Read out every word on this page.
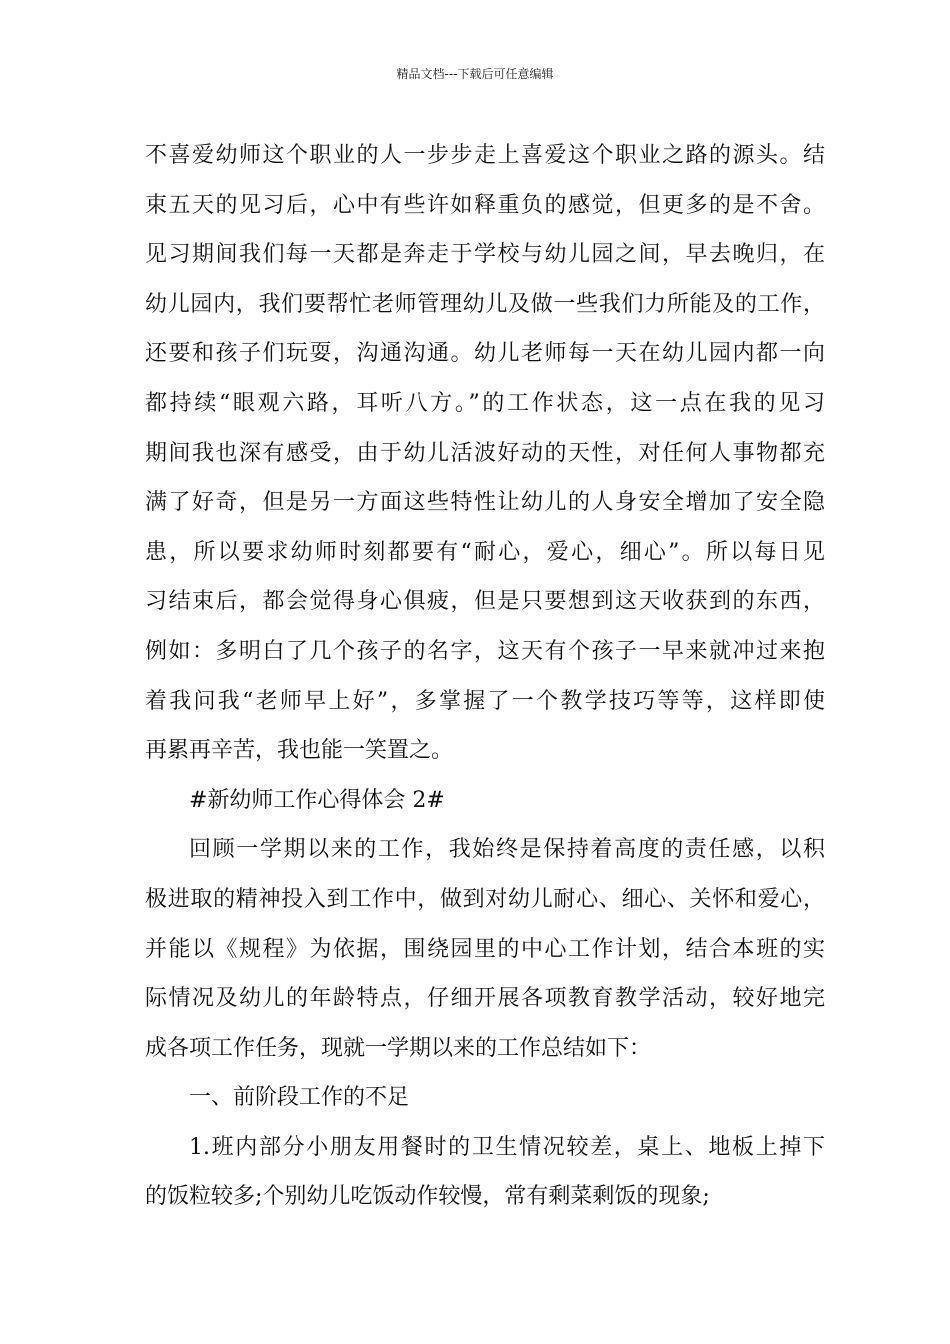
精品文档---下载后可任意编辑
不喜爱幼师这个职业的人一步步走上喜爱这个职业之路的源头。结
束五天的见习后，心中有些许如释重负的感觉，但更多的是不舍。
见习期间我们每一天都是奔走于学校与幼儿园之间，早去晚归，在
幼儿园内，我们要帮忙老师管理幼儿及做一些我们力所能及的工作，
还要和孩子们玩耍，沟通沟通。幼儿老师每一天在幼儿园内都一向
都持续“眼观六路，耳听八方。”的工作状态，这一点在我的见习
期间我也深有感受，由于幼儿活波好动的天性，对任何人事物都充
满了好奇，但是另一方面这些特性让幼儿的人身安全增加了安全隐
患，所以要求幼师时刻都要有“耐心，爱心，细心”。所以每日见
习结束后，都会觉得身心俱疲，但是只要想到这天收获到的东西，
例如：多明白了几个孩子的名字，这天有个孩子一早来就冲过来抱
着我问我“老师早上好”，多掌握了一个教学技巧等等，这样即使
再累再辛苦，我也能一笑置之。
#新幼师工作心得体会 2#
回顾一学期以来的工作，我始终是保持着高度的责任感，以积
极进取的精神投入到工作中，做到对幼儿耐心、细心、关怀和爱心，
并能以《规程》为依据，围绕园里的中心工作计划，结合本班的实
际情况及幼儿的年龄特点，仔细开展各项教育教学活动，较好地完
成各项工作任务，现就一学期以来的工作总结如下：
一、前阶段工作的不足
1.班内部分小朋友用餐时的卫生情况较差，桌上、地板上掉下
的饭粒较多;个别幼儿吃饭动作较慢，常有剩菜剩饭的现象;
